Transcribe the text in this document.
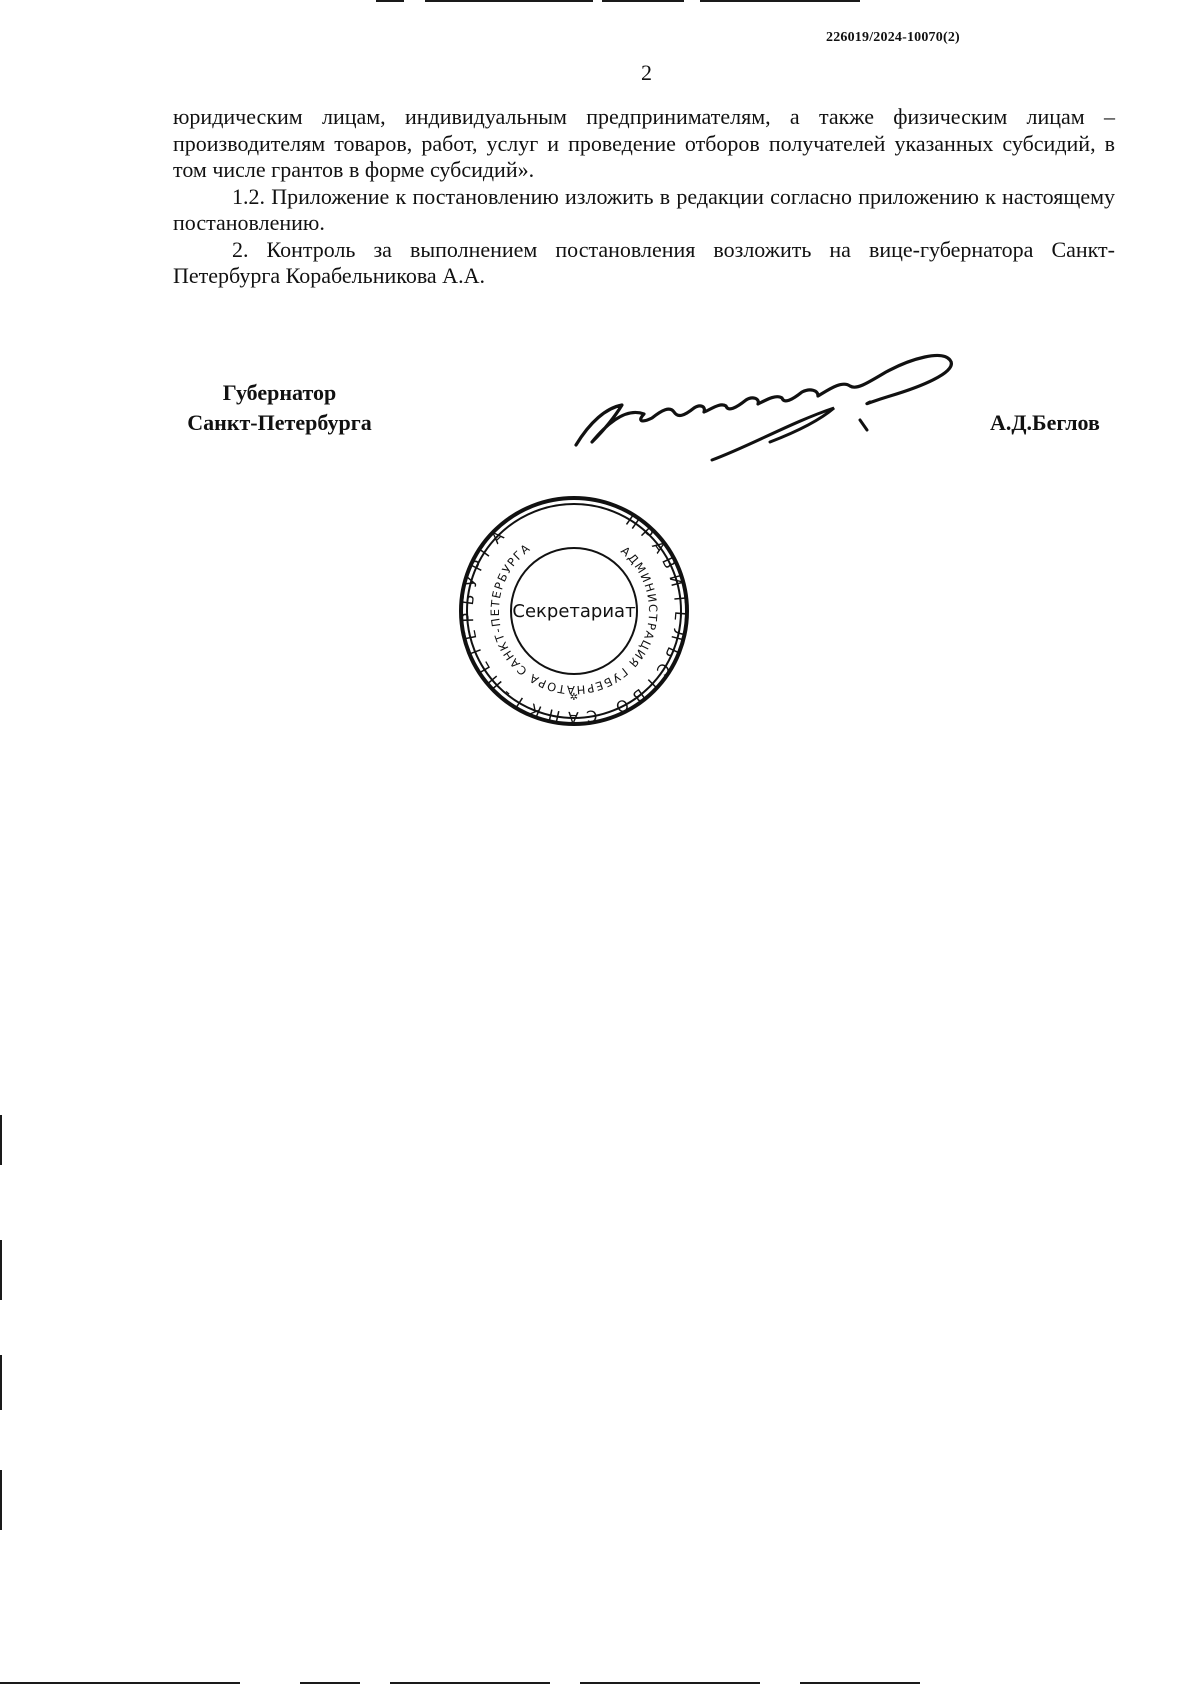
226019/2024-10070(2)
2

юридическим лицам, индивидуальным предпринимателям, а также физическим лицам – производителям товаров, работ, услуг и проведение отборов получателей указанных субсидий, в том числе грантов в форме субсидий».

1.2. Приложение к постановлению изложить в редакции согласно приложению к настоящему постановлению.

2. Контроль за выполнением постановления возложить на вице-губернатора Санкт-Петербурга Корабельникова А.А.

Губернатор
Санкт-Петербурга	А.Д.Беглов
ПРАВИТЕЛЬСТВО САНКТ-ПЕТЕРБУРГА
АДМИНИСТРАЦИЯ ГУБЕРНАТОРА САНКТ-ПЕТЕРБУРГА
Секретариат
✲
